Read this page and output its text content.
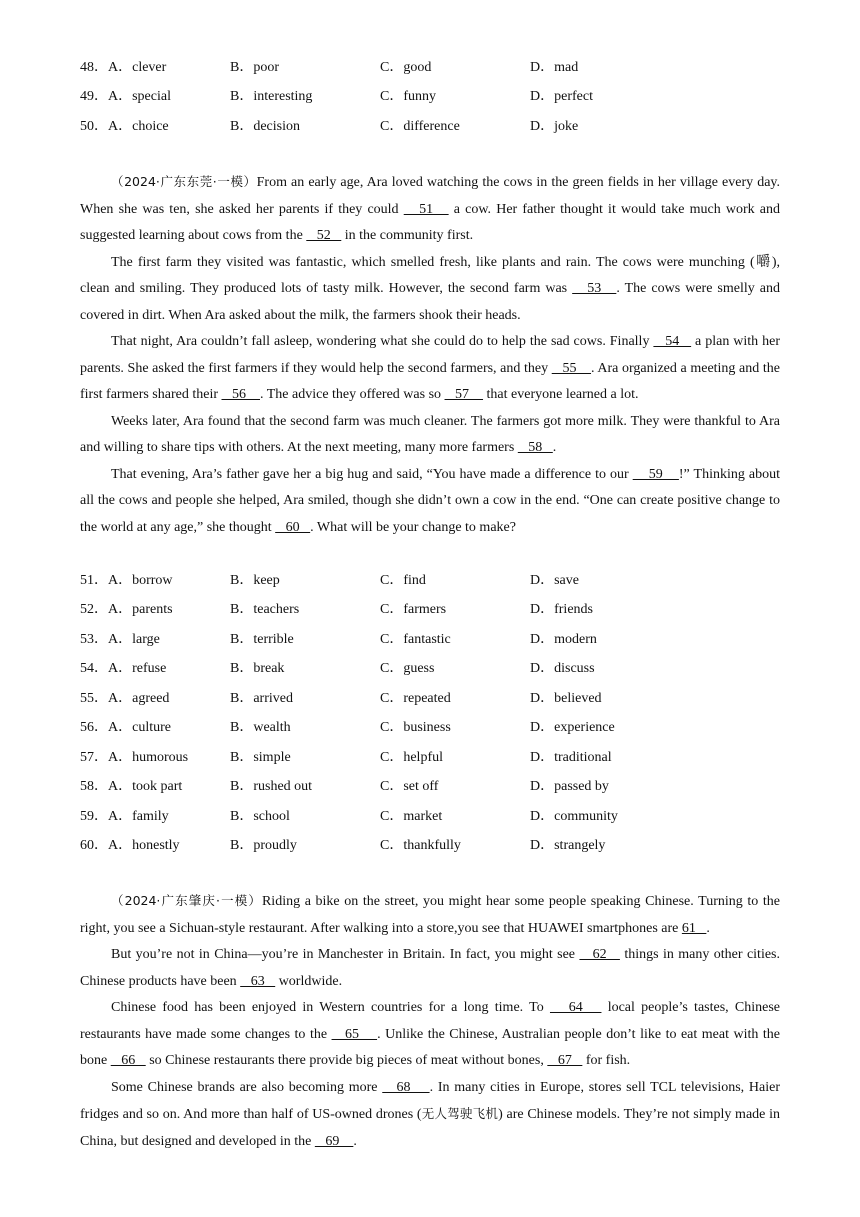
48．A．clever	B．poor	C．good	D．mad
49．A．special	B．interesting	C．funny	D．perfect
50．A．choice	B．decision	C．difference	D．joke

（2024·广东东莞·一模）From an early age, Ara loved watching the cows in the green fields in her village every day. When she was ten, she asked her parents if they could    51    a cow. Her father thought it would take much work and suggested learning about cows from the    52    in the community first.

The first farm they visited was fantastic, which smelled fresh, like plants and rain. The cows were munching (嚼), clean and smiling. They produced lots of tasty milk. However, the second farm was    53   . The cows were smelly and covered in dirt. When Ara asked about the milk, the farmers shook their heads.

That night, Ara couldn’t fall asleep, wondering what she could do to help the sad cows. Finally    54    a plan with her parents. She asked the first farmers if they would help the second farmers, and they    55    . Ara organized a meeting and the first farmers shared their    56    . The advice they offered was so    57     that everyone learned a lot.

Weeks later, Ara found that the second farm was much cleaner. The farmers got more milk. They were thankful to Ara and willing to share tips with others. At the next meeting, many more farmers    58   .

That evening, Ara’s father gave her a big hug and said, “You have made a difference to our     59    !” Thinking about all the cows and people she helped, Ara smiled, though she didn’t own a cow in the end. “One can create positive change to the world at any age,” she thought    60   . What will be your change to make?

51．A．borrow	B．keep	C．find	D．save
52．A．parents	B．teachers	C．farmers	D．friends
53．A．large	B．terrible	C．fantastic	D．modern
54．A．refuse	B．break	C．guess	D．discuss
55．A．agreed	B．arrived	C．repeated	D．believed
56．A．culture	B．wealth	C．business	D．experience
57．A．humorous	B．simple	C．helpful	D．traditional
58．A．took part	B．rushed out	C．set off	D．passed by
59．A．family	B．school	C．market	D．community
60．A．honestly	B．proudly	C．thankfully	D．strangely

（2024·广东肇庆·一模）Riding a bike on the street, you might hear some people speaking Chinese. Turning to the right, you see a Sichuan-style restaurant. After walking into a store,you see that HUAWEI smartphones are 61   .

But you’re not in China—you’re in Manchester in Britain. In fact, you might see    62    things in many other cities. Chinese products have been    63    worldwide.

Chinese food has been enjoyed in Western countries for a long time. To    64    local people’s tastes, Chinese restaurants have made some changes to the    65    . Unlike the Chinese, Australian people don’t like to eat meat with the bone    66    so Chinese restaurants there provide big pieces of meat without bones,    67    for fish.

Some Chinese brands are also becoming more    68    . In many cities in Europe, stores sell TCL televisions, Haier fridges and so on. And more than half of US-owned drones (无人驾驶飞机) are Chinese models. They’re not simply made in China, but designed and developed in the    69    .
